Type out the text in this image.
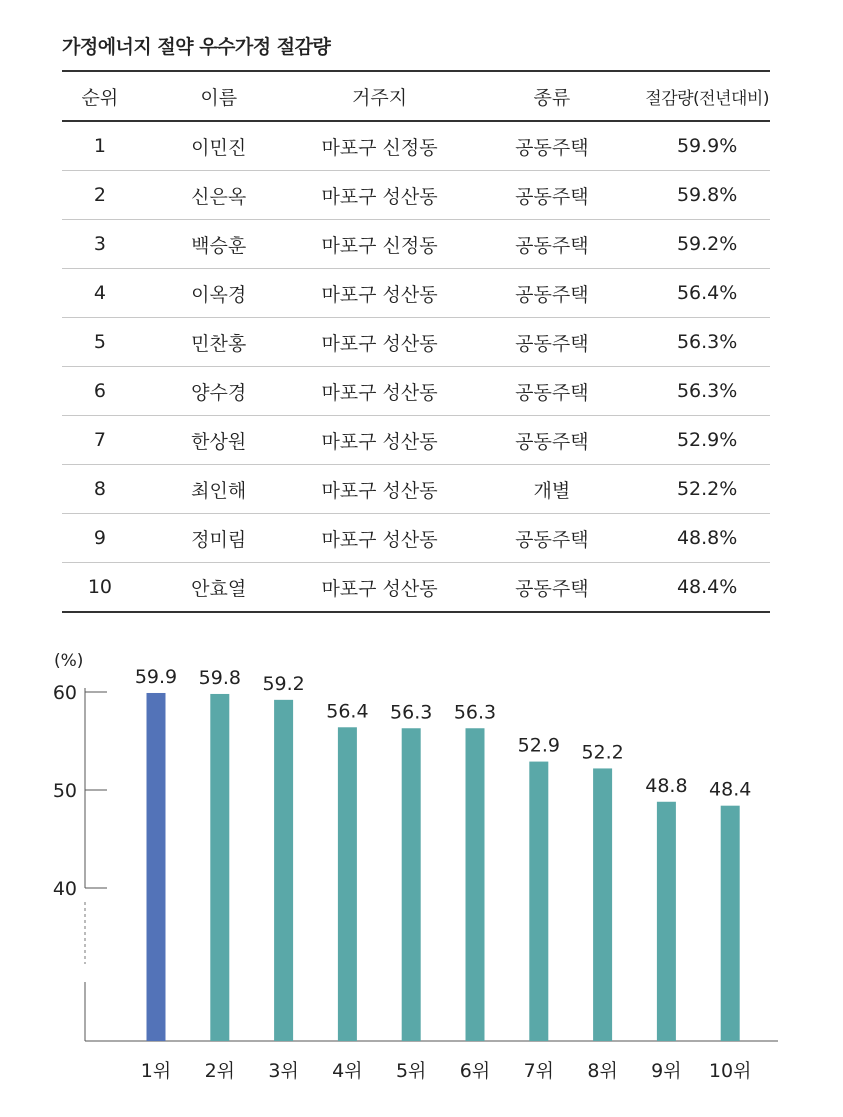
가정에너지 절약 우수가정 절감량
순위	이름	거주지	종류	절감량(전년대비)
1	이민진	마포구 신정동	공동주택	59.9%
2	신은옥	마포구 성산동	공동주택	59.8%
3	백승훈	마포구 신정동	공동주택	59.2%
4	이옥경	마포구 성산동	공동주택	56.4%
5	민찬홍	마포구 성산동	공동주택	56.3%
6	양수경	마포구 성산동	공동주택	56.3%
7	한상원	마포구 성산동	공동주택	52.9%
8	최인해	마포구 성산동	개별	52.2%
9	정미림	마포구 성산동	공동주택	48.8%
10	안효열	마포구 성산동	공동주택	48.4%
(%)
40
50
60
59.9
1위
59.8
2위
59.2
3위
56.4
4위
56.3
5위
56.3
6위
52.9
7위
52.2
8위
48.8
9위
48.4
10위
